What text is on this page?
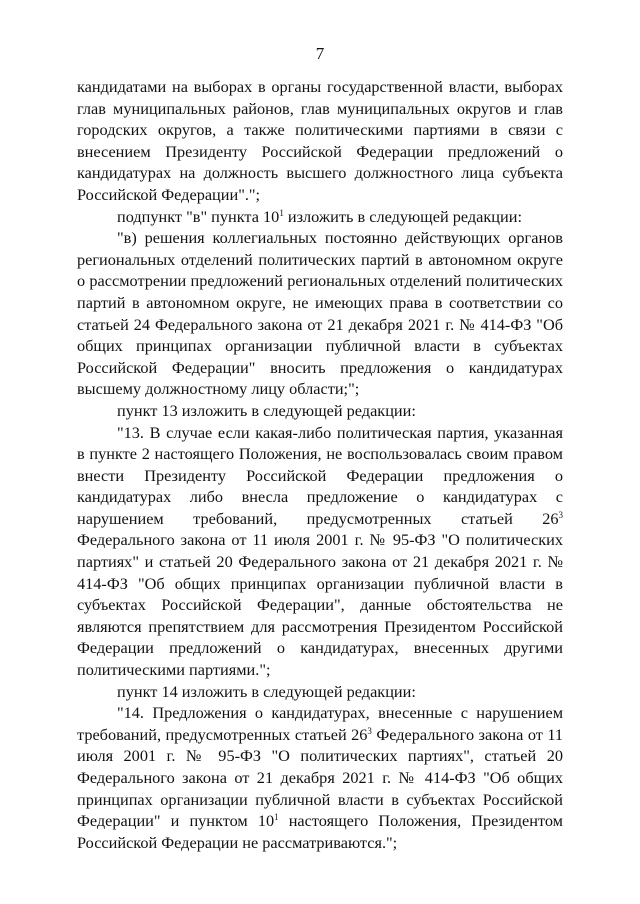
7

кандидатами на выборах в органы государственной власти, выборах глав муниципальных районов, глав муниципальных округов и глав городских округов, а также политическими партиями в связи с внесением Президенту Российской Федерации предложений о кандидатурах на должность высшего должностного лица субъекта Российской Федерации".";

подпункт "в" пункта $10^1$ изложить в следующей редакции:

"в) решения коллегиальных постоянно действующих органов региональных отделений политических партий в автономном округе о рассмотрении предложений региональных отделений политических партий в автономном округе, не имеющих права в соответствии со статьей 24 Федерального закона от 21 декабря 2021 г. № 414-ФЗ "Об общих принципах организации публичной власти в субъектах Российской Федерации" вносить предложения о кандидатурах высшему должностному лицу области;";

пункт 13 изложить в следующей редакции:

"13. В случае если какая-либо политическая партия, указанная в пункте 2 настоящего Положения, не воспользовалась своим правом внести Президенту Российской Федерации предложения о кандидатурах либо внесла предложение о кандидатурах с нарушением требований, предусмотренных статьей $26^3$ Федерального закона от 11 июля 2001 г. № 95-ФЗ "О политических партиях" и статьей 20 Федерального закона от 21 декабря 2021 г. № 414-ФЗ "Об общих принципах организации публичной власти в субъектах Российской Федерации", данные обстоятельства не являются препятствием для рассмотрения Президентом Российской Федерации предложений о кандидатурах, внесенных другими политическими партиями.";

пункт 14 изложить в следующей редакции:

"14. Предложения о кандидатурах, внесенные с нарушением требований, предусмотренных статьей $26^3$ Федерального закона от 11 июля 2001 г. № 95-ФЗ "О политических партиях", статьей 20 Федерального закона от 21 декабря 2021 г. № 414-ФЗ "Об общих принципах организации публичной власти в субъектах Российской Федерации" и пунктом $10^1$ настоящего Положения, Президентом Российской Федерации не рассматриваются.";
